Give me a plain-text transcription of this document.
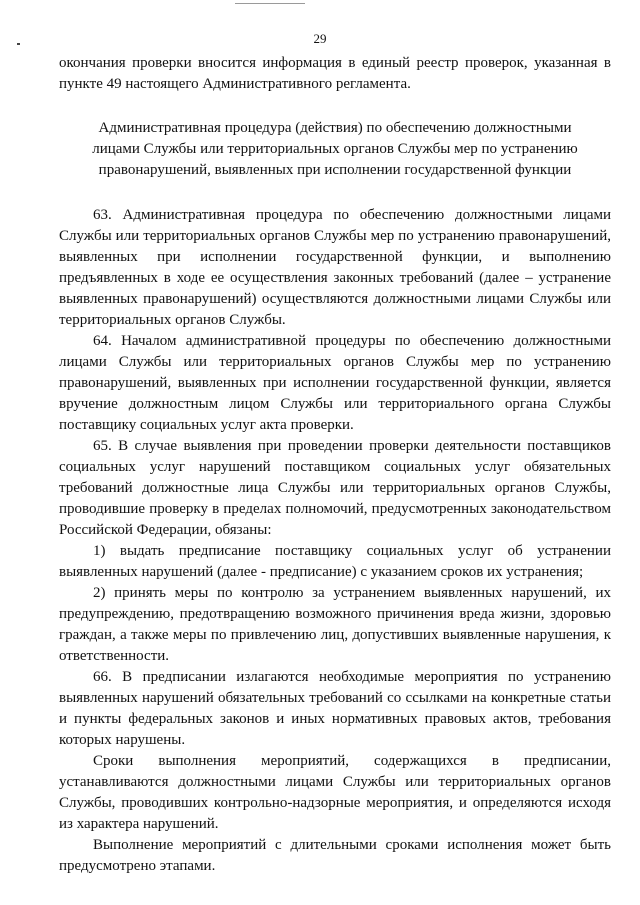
29

окончания проверки вносится информация в единый реестр проверок, указанная в пункте 49 настоящего Административного регламента.

Административная процедура (действия) по обеспечению должностными лицами Службы или территориальных органов Службы мер по устранению правонарушений, выявленных при исполнении государственной функции

63. Административная процедура по обеспечению должностными лицами Службы или территориальных органов Службы мер по устранению правонарушений, выявленных при исполнении государственной функции, и выполнению предъявленных в ходе ее осуществления законных требований (далее – устранение выявленных правонарушений) осуществляются должностными лицами Службы или территориальных органов Службы.

64. Началом административной процедуры по обеспечению должностными лицами Службы или территориальных органов Службы мер по устранению правонарушений, выявленных при исполнении государственной функции, является вручение должностным лицом Службы или территориального органа Службы поставщику социальных услуг акта проверки.

65. В случае выявления при проведении проверки деятельности поставщиков социальных услуг нарушений поставщиком социальных услуг обязательных требований должностные лица Службы или территориальных органов Службы, проводившие проверку в пределах полномочий, предусмотренных законодательством Российской Федерации, обязаны:

1) выдать предписание поставщику социальных услуг об устранении выявленных нарушений (далее - предписание) с указанием сроков их устранения;

2) принять меры по контролю за устранением выявленных нарушений, их предупреждению, предотвращению возможного причинения вреда жизни, здоровью граждан, а также меры по привлечению лиц, допустивших выявленные нарушения, к ответственности.

66. В предписании излагаются необходимые мероприятия по устранению выявленных нарушений обязательных требований со ссылками на конкретные статьи и пункты федеральных законов и иных нормативных правовых актов, требования которых нарушены.

Сроки выполнения мероприятий, содержащихся в предписании, устанавливаются должностными лицами Службы или территориальных органов Службы, проводивших контрольно-надзорные мероприятия, и определяются исходя из характера нарушений.

Выполнение мероприятий с длительными сроками исполнения может быть предусмотрено этапами.
